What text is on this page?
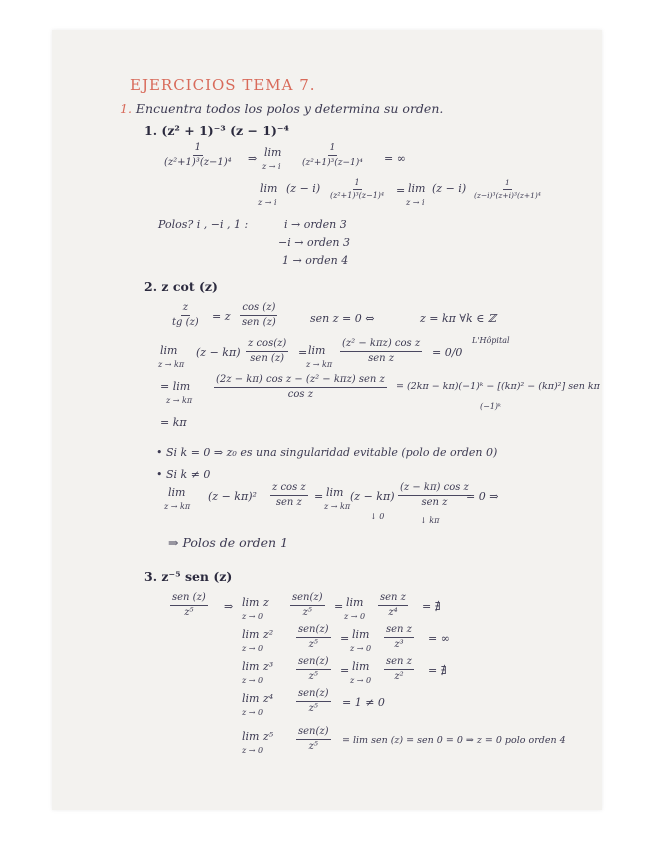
EJERCICIOS TEMA 7.
1. Encuentra todos los polos y determina su orden.
1. (z² + 1)⁻³ (z − 1)⁻⁴
$\frac{1}{\text{(z²+1)³(z−1)⁴}}$ ⇒ lim
z → i $\frac{1}{\text{(z²+1)³(z−1)⁴}}$ = ∞
lim
z → i
$(z - i) \frac{1}{\text{(z²+1)³(z−1)⁴}} = \lim$
z → i
$(z - i) \frac{1}{\text{(z−i)³(z+i)³(z+1)⁴}}$
Polos? i , −i , 1 :	i → orden 3
−i → orden 3
1 → orden 4
2. z cot (z)
$\frac{z}{tg (z)} = z$
cos (z)
sen (z)	sen z = 0 ⇔	z = kπ ∀k ∈ ℤ
L'Hôpital
lim
z → kπ
(z − kπ)
z cos(z)
sen (z) = lim
z → kπ
(z² − kπz) cos z
sen z	= 0/0
= lim
z → kπ
(2z − kπ) cos z − (z² − kπz) sen z
cos z
= (2kπ − kπ)(−1)ᵏ − [(kπ)² − (kπ)²] sen kπ
(−1)ᵏ
= kπ
• Si k = 0 ⇒ z₀ es una singularidad evitable (polo de orden 0)
• Si k ≠ 0
lim
z → kπ
(z − kπ)²
z cos z
sen z = lim
z → kπ
(z − kπ)
(z − kπ) cos z
sen z = 0 ⇒
↓ 0	↓ kπ
⇒ Polos de orden 1
3. z⁻⁵ sen (z)
sen (z)
z⁵	⇒ lim z
z → 0
sen(z)
z⁵ = lim
z → 0
sen z
z⁴ = ∄
lim z²
z → 0
sen(z)
z⁵ = lim
z → 0
sen z
z³ = ∞
lim z³
z → 0
sen(z)
z⁵ = lim
z → 0
sen z
z² = ∄
lim z⁴
z → 0
sen(z)
z⁵ = 1 ≠ 0
lim z⁵
z → 0
sen(z)
z⁵
= lim sen (z) = sen 0 = 0 ⇒ z = 0 polo orden 4
